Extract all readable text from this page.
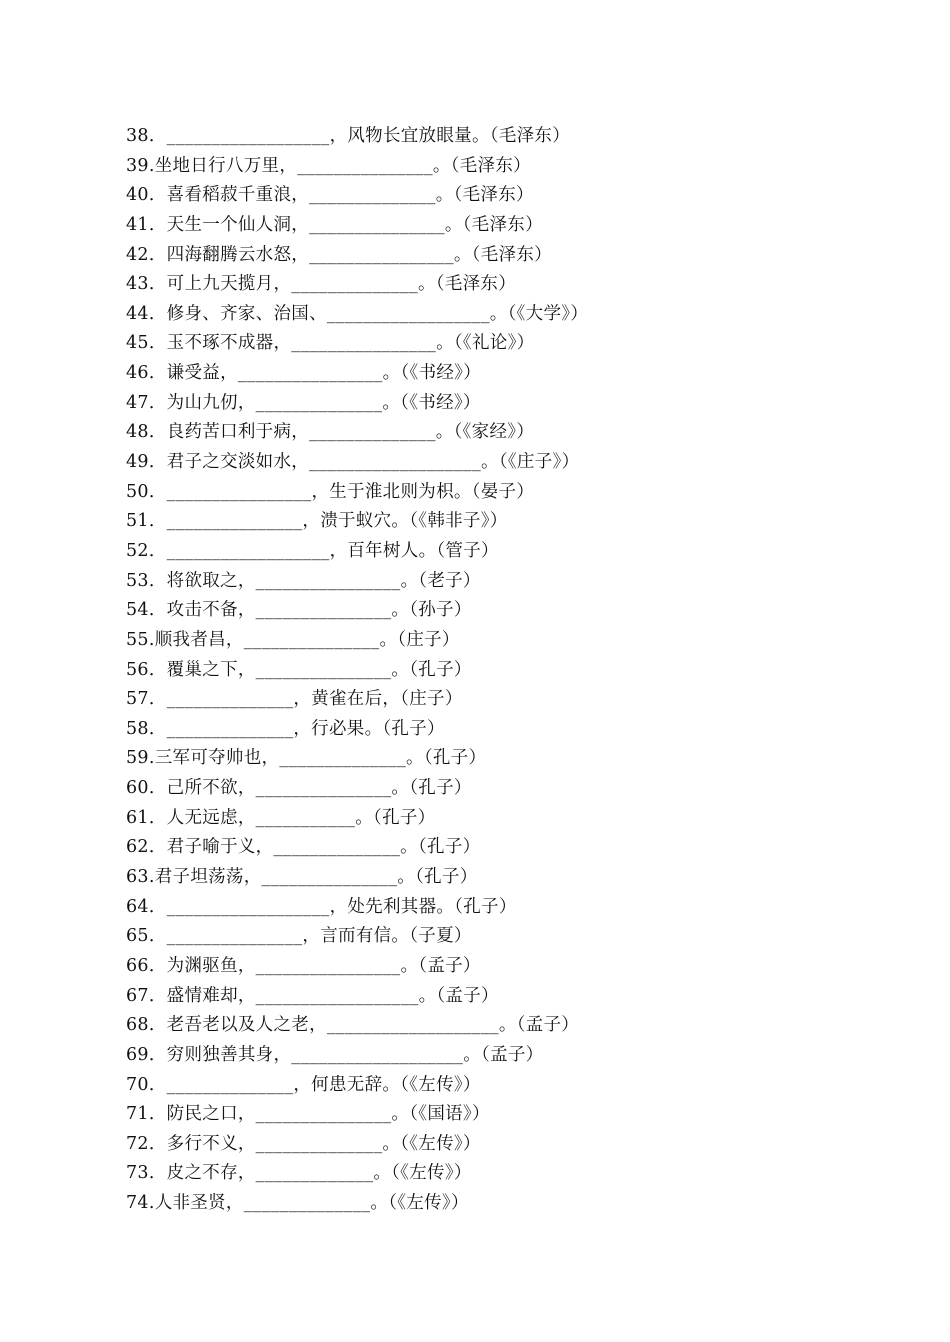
38．__________________，风物长宜放眼量。（毛泽东）
39.坐地日行八万里，_______________。（毛泽东）
40．喜看稻菽千重浪，______________。（毛泽东）
41．天生一个仙人洞，_______________。（毛泽东）
42．四海翻腾云水怒，________________。（毛泽东）
43．可上九天揽月，______________。（毛泽东）
44．修身、齐家、治国、__________________。（《大学》）
45．玉不琢不成器，________________。（《礼论》）
46．谦受益，________________。（《书经》）
47．为山九仞，______________。（《书经》）
48．良药苦口利于病，______________。（《家经》）
49．君子之交淡如水，___________________。（《庄子》）
50．________________，生于淮北则为枳。（晏子）
51．_______________，溃于蚁穴。（《韩非子》）
52．__________________，百年树人。（管子）
53．将欲取之，________________。（老子）
54．攻击不备，_______________。（孙子）
55.顺我者昌，_______________。（庄子）
56．覆巢之下，_______________。（孔子）
57．______________，黄雀在后，（庄子）
58．______________，行必果。（孔子）
59.三军可夺帅也，______________。（孔子）
60．己所不欲，_______________。（孔子）
61．人无远虑，___________。（孔子）
62．君子喻于义，______________。（孔子）
63.君子坦荡荡，_______________。（孔子）
64．__________________，处先利其器。（孔子）
65．_______________，言而有信。（子夏）
66．为渊驱鱼，________________。（孟子）
67．盛情难却，__________________。（孟子）
68．老吾老以及人之老，___________________。（孟子）
69．穷则独善其身，___________________。（孟子）
70．______________，何患无辞。（《左传》）
71．防民之口，_______________。（《国语》）
72．多行不义，______________。（《左传》）
73．皮之不存，_____________。（《左传》）
74.人非圣贤，______________。（《左传》）
